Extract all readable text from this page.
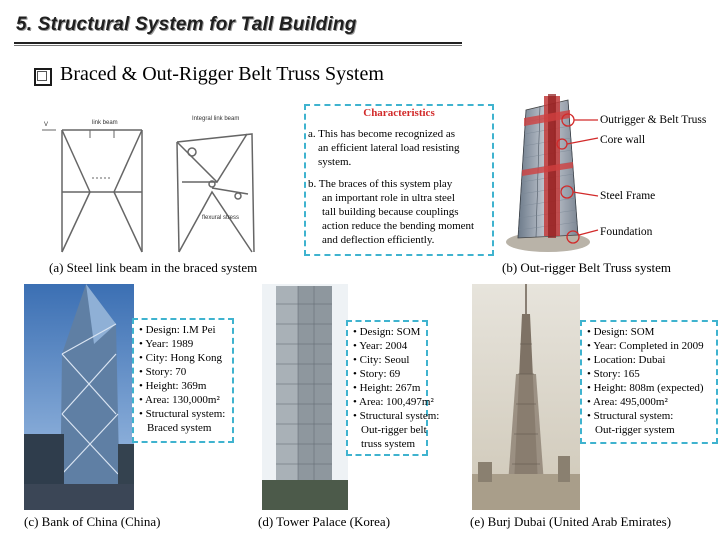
5. Structural System for Tall Building
Braced & Out-Rigger Belt Truss System
V	link beam
Integral link beam
flexural stress
Characteristics
a. This has become recognized as
an efficient lateral load resisting
system.
b. The braces of this system play
an important role in ultra steel
tall building because couplings
action reduce the bending moment
and deflection efficiently.
Outrigger & Belt Truss
Core wall
Steel Frame
Foundation
(a) Steel link beam in the braced system	(b) Out-rigger Belt Truss system
• Design: I.M Pei
• Year: 1989
• City: Hong Kong
• Story: 70
• Height: 369m
• Area: 130,000m²
• Structural system:
Braced system
• Design: SOM
• Year: 2004
• City: Seoul
• Story: 69
• Height: 267m
• Area: 100,497m²
• Structural system:
Out-rigger belt
truss system
• Design: SOM
• Year: Completed in 2009
• Location: Dubai
• Story: 165
• Height: 808m (expected)
• Area: 495,000m²
• Structural system:
Out-rigger system
(c) Bank of China (China)	(d) Tower Palace (Korea)	(e) Burj Dubai (United Arab Emirates)
